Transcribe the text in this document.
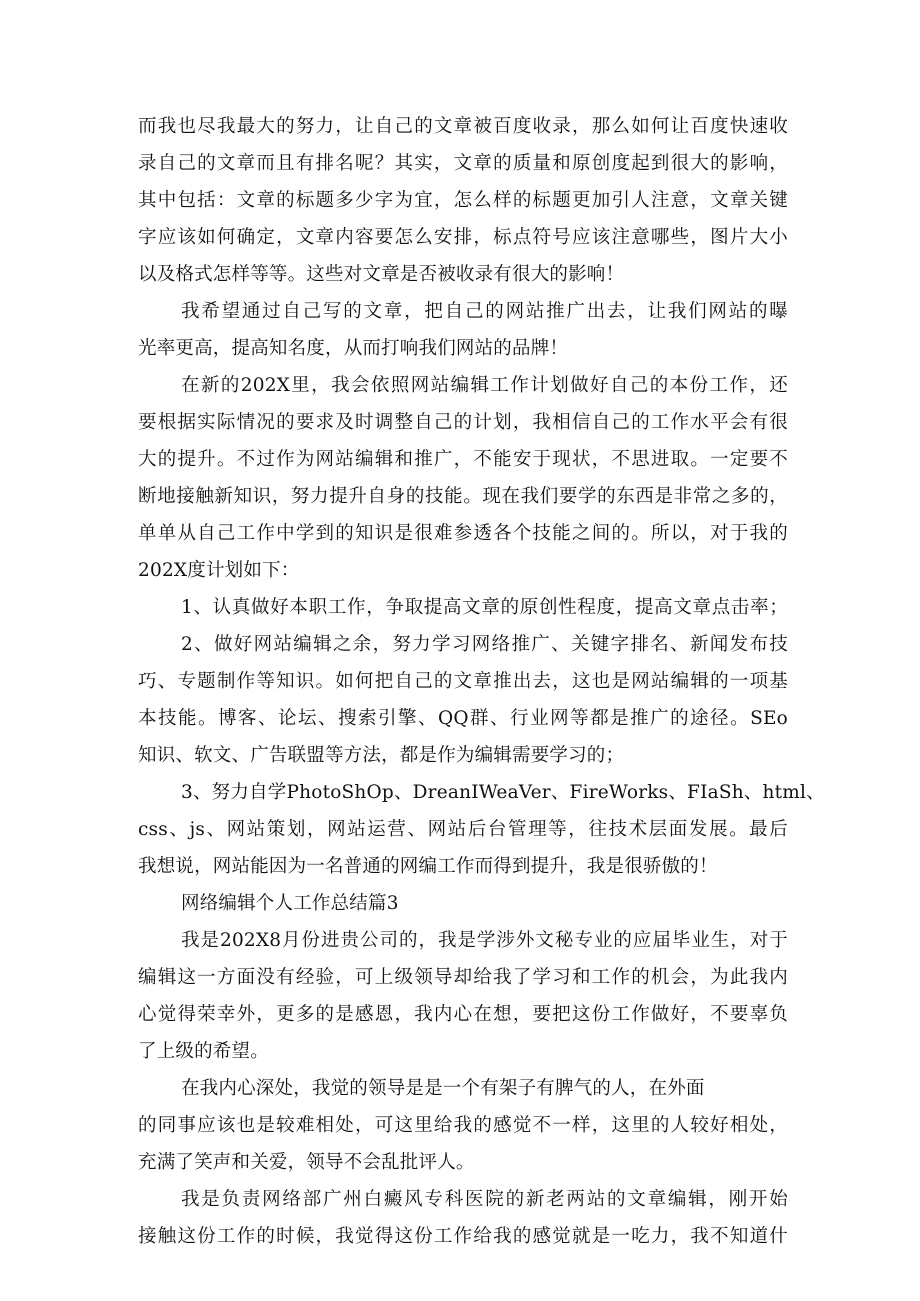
而我也尽我最大的努力，让自己的文章被百度收录，那么如何让百度快速收
录自己的文章而且有排名呢？其实，文章的质量和原创度起到很大的影响，
其中包括：文章的标题多少字为宜，怎么样的标题更加引人注意，文章关键
字应该如何确定，文章内容要怎么安排，标点符号应该注意哪些，图片大小
以及格式怎样等等。这些对文章是否被收录有很大的影响！
我希望通过自己写的文章，把自己的网站推广出去，让我们网站的曝
光率更高，提高知名度，从而打响我们网站的品牌！
在新的202X里，我会依照网站编辑工作计划做好自己的本份工作，还
要根据实际情况的要求及时调整自己的计划，我相信自己的工作水平会有很
大的提升。不过作为网站编辑和推广，不能安于现状，不思进取。一定要不
断地接触新知识，努力提升自身的技能。现在我们要学的东西是非常之多的，
单单从自己工作中学到的知识是很难参透各个技能之间的。所以，对于我的
202X度计划如下：
1、认真做好本职工作，争取提高文章的原创性程度，提高文章点击率；
2、做好网站编辑之余，努力学习网络推广、关键字排名、新闻发布技
巧、专题制作等知识。如何把自己的文章推出去，这也是网站编辑的一项基
本技能。博客、论坛、搜索引擎、QQ群、行业网等都是推广的途径。SEo
知识、软文、广告联盟等方法，都是作为编辑需要学习的；
3、努力自学PhotoShOp、DreanIWeaVer、FireWorks、FIaSh、html、
css、js、网站策划，网站运营、网站后台管理等，往技术层面发展。最后
我想说，网站能因为一名普通的网编工作而得到提升，我是很骄傲的！
网络编辑个人工作总结篇3
我是202X8月份进贵公司的，我是学涉外文秘专业的应届毕业生，对于
编辑这一方面没有经验，可上级领导却给我了学习和工作的机会，为此我内
心觉得荣幸外，更多的是感恩，我内心在想，要把这份工作做好，不要辜负
了上级的希望。
在我内心深处，我觉的领导是是一个有架子有脾气的人，在外面
的同事应该也是较难相处，可这里给我的感觉不一样，这里的人较好相处，
充满了笑声和关爱，领导不会乱批评人。
我是负责网络部广州白癜风专科医院的新老两站的文章编辑，刚开始
接触这份工作的时候，我觉得这份工作给我的感觉就是一吃力，我不知道什
